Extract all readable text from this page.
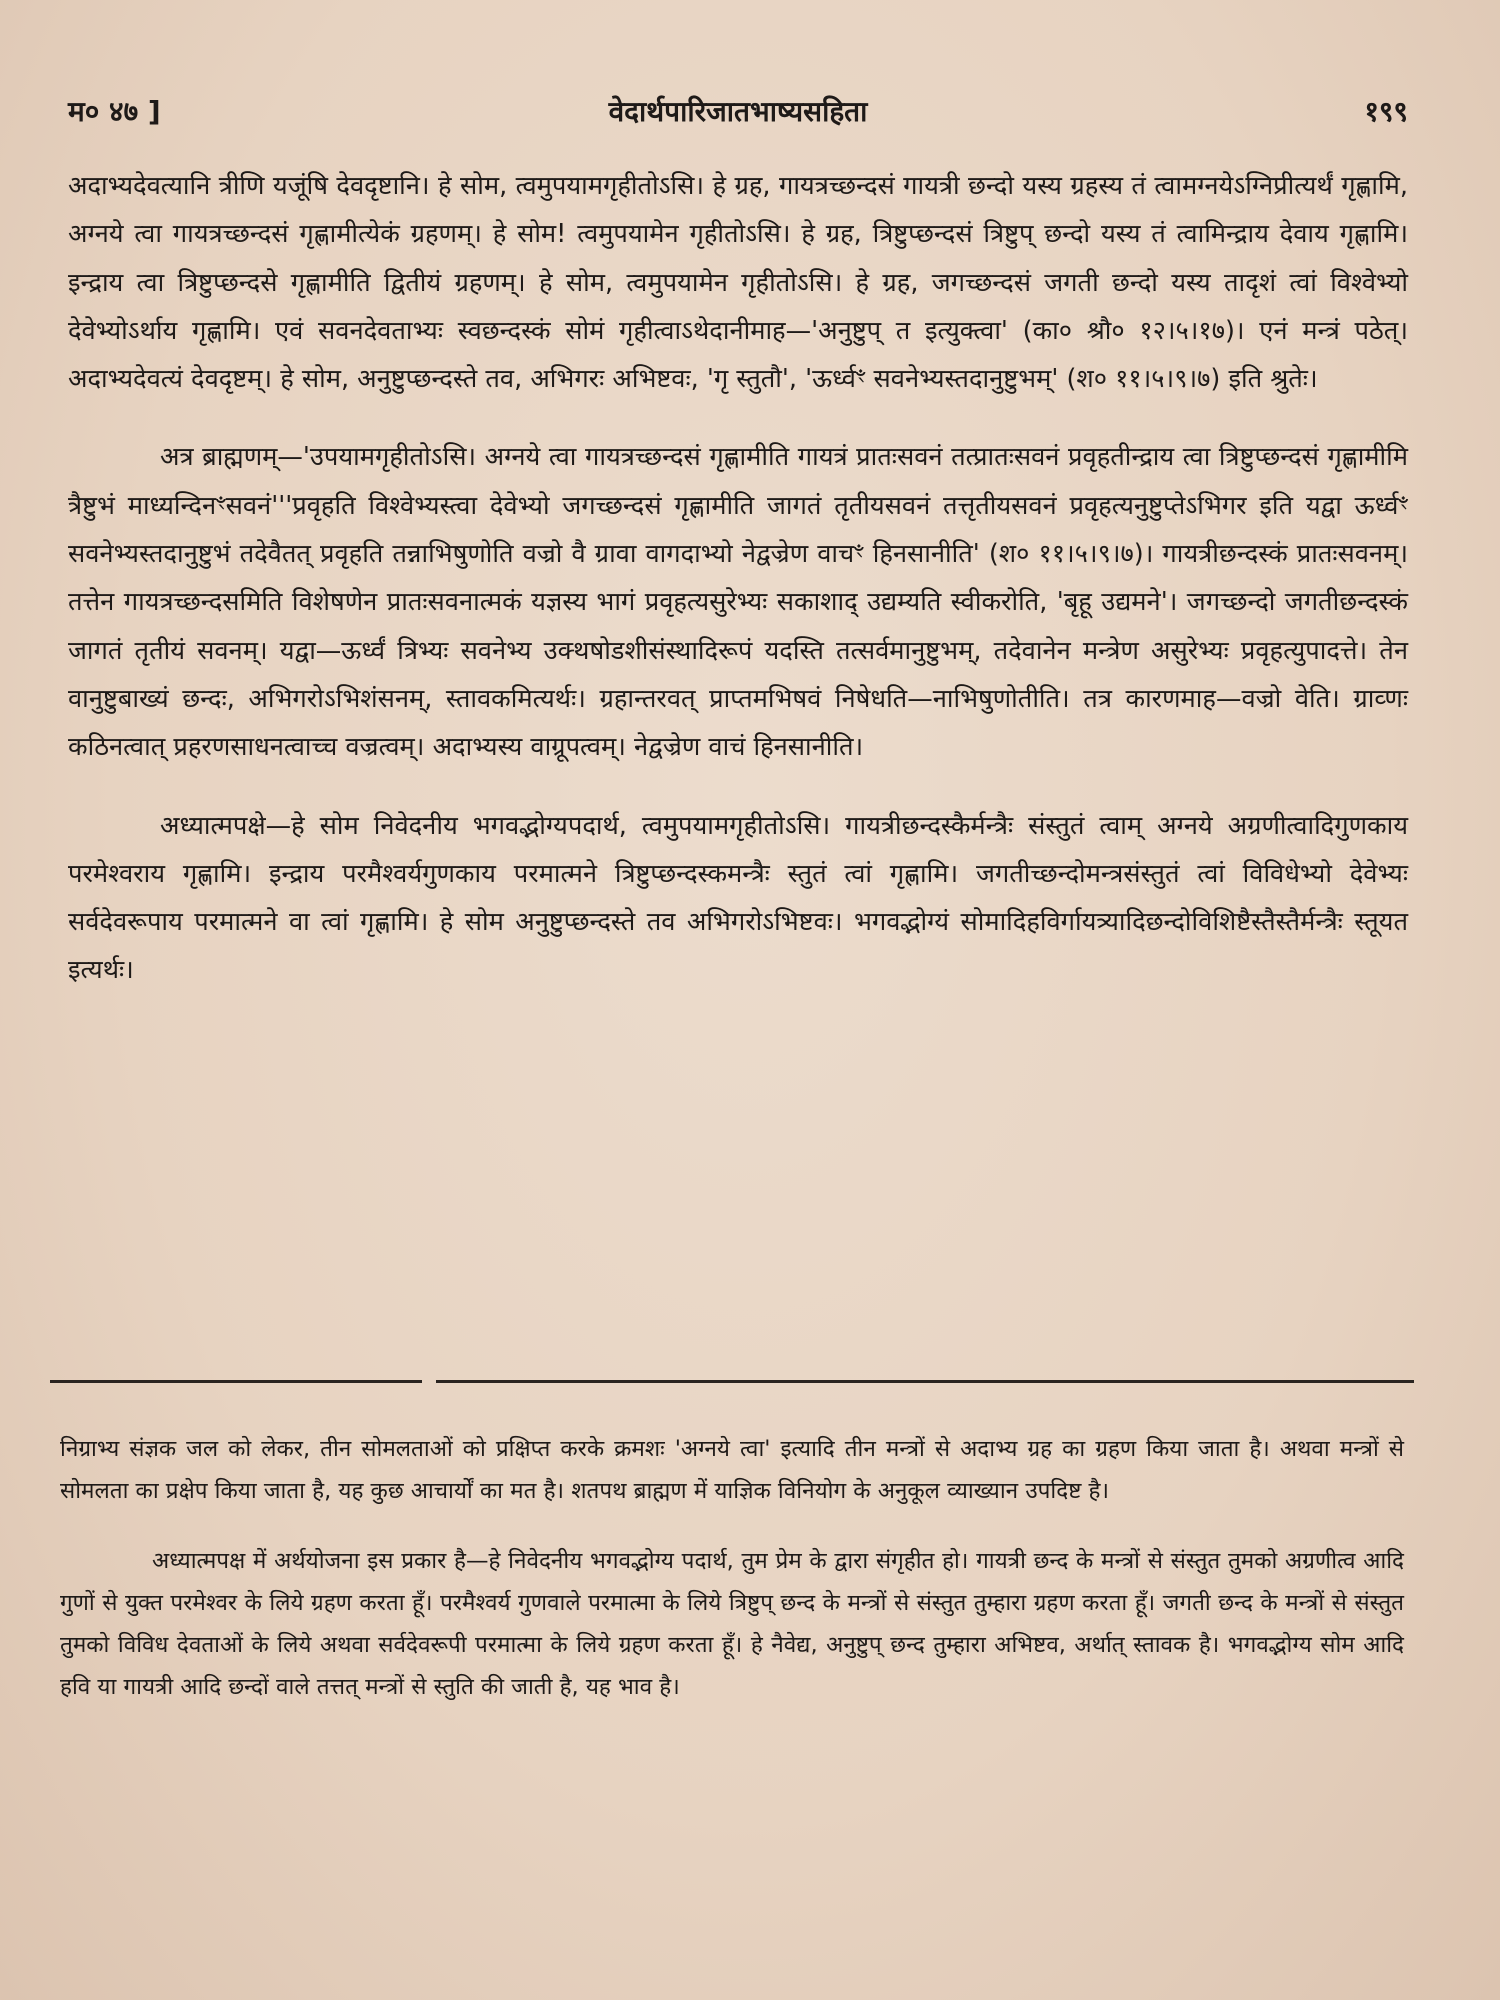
म० ४७ ]	वेदार्थपारिजातभाष्यसहिता	१९९

अदाभ्यदेवत्यानि त्रीणि यजूंषि देवदृष्टानि। हे सोम, त्वमुपयामगृहीतोऽसि। हे ग्रह, गायत्रच्छन्दसं गायत्री छन्दो यस्य ग्रहस्य तं त्वामग्नयेऽग्निप्रीत्यर्थं गृह्णामि, अग्नये त्वा गायत्रच्छन्दसं गृह्णामीत्येकं ग्रहणम्। हे सोम! त्वमुपयामेन गृहीतोऽसि। हे ग्रह, त्रिष्टुप्छन्दसं त्रिष्टुप् छन्दो यस्य तं त्वामिन्द्राय देवाय गृह्णामि। इन्द्राय त्वा त्रिष्टुप्छन्दसे गृह्णामीति द्वितीयं ग्रहणम्। हे सोम, त्वमुपयामेन गृहीतोऽसि। हे ग्रह, जगच्छन्दसं जगती छन्दो यस्य तादृशं त्वां विश्वेभ्यो देवेभ्योऽर्थाय गृह्णामि। एवं सवनदेवताभ्यः स्वछन्दस्कं सोमं गृहीत्वाऽथेदानीमाह—'अनुष्टुप् त इत्युक्त्वा' (का० श्रौ० १२।५।१७)। एनं मन्त्रं पठेत्। अदाभ्यदेवत्यं देवदृष्टम्। हे सोम, अनुष्टुप्छन्दस्ते तव, अभिगरः अभिष्टवः, 'गृ स्तुतौ', 'ऊर्ध्वꣳ सवनेभ्यस्तदानुष्टुभम्' (श० ११।५।९।७) इति श्रुतेः।

अत्र ब्राह्मणम्—'उपयामगृहीतोऽसि। अग्नये त्वा गायत्रच्छन्दसं गृह्णामीति गायत्रं प्रातःसवनं तत्प्रातःसवनं प्रवृहतीन्द्राय त्वा त्रिष्टुप्छन्दसं गृह्णामीमि त्रैष्टुभं माध्यन्दिनꣳसवनं'''प्रवृहति विश्वेभ्यस्त्वा देवेभ्यो जगच्छन्दसं गृह्णामीति जागतं तृतीयसवनं तत्तृतीयसवनं प्रवृहत्यनुष्टुप्तेऽभिगर इति यद्वा ऊर्ध्वꣳ सवनेभ्यस्तदानुष्टुभं तदेवैतत् प्रवृहति तन्नाभिषुणोति वज्रो वै ग्रावा वागदाभ्यो नेद्वज्रेण वाचꣳ हिनसानीति' (श० ११।५।९।७)। गायत्रीछन्दस्कं प्रातःसवनम्। तत्तेन गायत्रच्छन्दसमिति विशेषणेन प्रातःसवनात्मकं यज्ञस्य भागं प्रवृहत्यसुरेभ्यः सकाशाद् उद्यम्यति स्वीकरोति, 'बृहू उद्यमने'। जगच्छन्दो जगतीछन्दस्कं जागतं तृतीयं सवनम्। यद्वा—ऊर्ध्वं त्रिभ्यः सवनेभ्य उक्थषोडशीसंस्थादिरूपं यदस्ति तत्सर्वमानुष्टुभम्, तदेवानेन मन्त्रेण असुरेभ्यः प्रवृहत्युपादत्ते। तेन वानुष्टुबाख्यं छन्दः, अभिगरोऽभिशंसनम्, स्तावकमित्यर्थः। ग्रहान्तरवत् प्राप्तमभिषवं निषेधति—नाभिषुणोतीति। तत्र कारणमाह—वज्रो वेति। ग्राव्णः कठिनत्वात् प्रहरणसाधनत्वाच्च वज्रत्वम्। अदाभ्यस्य वाग्रूपत्वम्। नेद्वज्रेण वाचं हिनसानीति।

अध्यात्मपक्षे—हे सोम निवेदनीय भगवद्भोग्यपदार्थ, त्वमुपयामगृहीतोऽसि। गायत्रीछन्दस्कैर्मन्त्रैः संस्तुतं त्वाम् अग्नये अग्रणीत्वादिगुणकाय परमेश्वराय गृह्णामि। इन्द्राय परमैश्वर्यगुणकाय परमात्मने त्रिष्टुप्छन्दस्कमन्त्रैः स्तुतं त्वां गृह्णामि। जगतीच्छन्दोमन्त्रसंस्तुतं त्वां विविधेभ्यो देवेभ्यः सर्वदेवरूपाय परमात्मने वा त्वां गृह्णामि। हे सोम अनुष्टुप्छन्दस्ते तव अभिगरोऽभिष्टवः। भगवद्भोग्यं सोमादिहविर्गायत्र्यादिछन्दोविशिष्टैस्तैस्तैर्मन्त्रैः स्तूयत इत्यर्थः।

निग्राभ्य संज्ञक जल को लेकर, तीन सोमलताओं को प्रक्षिप्त करके क्रमशः 'अग्नये त्वा' इत्यादि तीन मन्त्रों से अदाभ्य ग्रह का ग्रहण किया जाता है। अथवा मन्त्रों से सोमलता का प्रक्षेप किया जाता है, यह कुछ आचार्यों का मत है। शतपथ ब्राह्मण में याज्ञिक विनियोग के अनुकूल व्याख्यान उपदिष्ट है।

अध्यात्मपक्ष में अर्थयोजना इस प्रकार है—हे निवेदनीय भगवद्भोग्य पदार्थ, तुम प्रेम के द्वारा संगृहीत हो। गायत्री छन्द के मन्त्रों से संस्तुत तुमको अग्रणीत्व आदि गुणों से युक्त परमेश्वर के लिये ग्रहण करता हूँ। परमैश्वर्य गुणवाले परमात्मा के लिये त्रिष्टुप् छन्द के मन्त्रों से संस्तुत तुम्हारा ग्रहण करता हूँ। जगती छन्द के मन्त्रों से संस्तुत तुमको विविध देवताओं के लिये अथवा सर्वदेवरूपी परमात्मा के लिये ग्रहण करता हूँ। हे नैवेद्य, अनुष्टुप् छन्द तुम्हारा अभिष्टव, अर्थात् स्तावक है। भगवद्भोग्य सोम आदि हवि या गायत्री आदि छन्दों वाले तत्तत् मन्त्रों से स्तुति की जाती है, यह भाव है।
